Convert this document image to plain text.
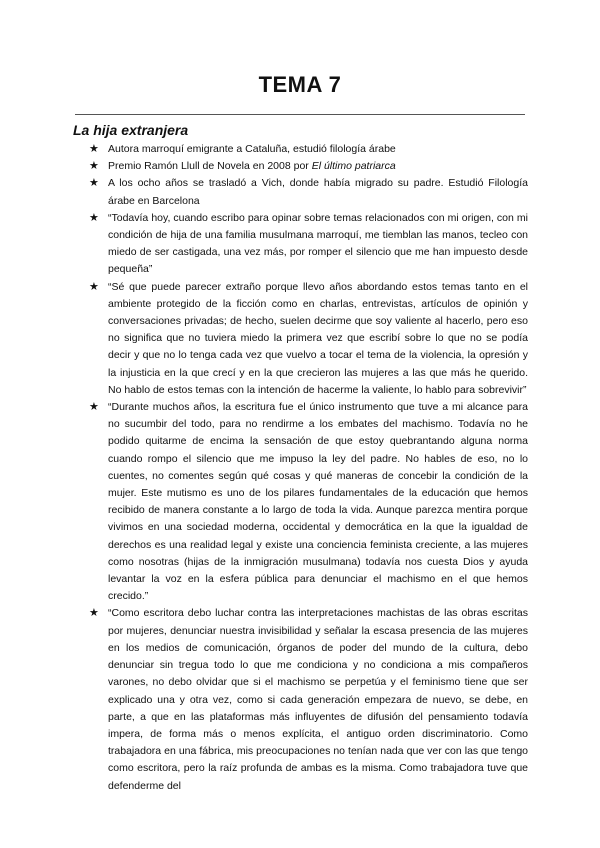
TEMA 7
La hija extranjera
★ Autora marroquí emigrante a Cataluña, estudió filología árabe
★ Premio Ramón Llull de Novela en 2008 por El último patriarca
★ A los ocho años se trasladó a Vich, donde había migrado su padre. Estudió Filología árabe en Barcelona
★ “Todavía hoy, cuando escribo para opinar sobre temas relacionados con mi origen, con mi condición de hija de una familia musulmana marroquí, me tiemblan las manos, tecleo con miedo de ser castigada, una vez más, por romper el silencio que me han impuesto desde pequeña”
★ “Sé que puede parecer extraño porque llevo años abordando estos temas tanto en el ambiente protegido de la ficción como en charlas, entrevistas, artículos de opinión y conversaciones privadas; de hecho, suelen decirme que soy valiente al hacerlo, pero eso no significa que no tuviera miedo la primera vez que escribí sobre lo que no se podía decir y que no lo tenga cada vez que vuelvo a tocar el tema de la violencia, la opresión y la injusticia en la que crecí y en la que crecieron las mujeres a las que más he querido. No hablo de estos temas con la intención de hacerme la valiente, lo hablo para sobrevivir”
★ “Durante muchos años, la escritura fue el único instrumento que tuve a mi alcance para no sucumbir del todo, para no rendirme a los embates del machismo. Todavía no he podido quitarme de encima la sensación de que estoy quebrantando alguna norma cuando rompo el silencio que me impuso la ley del padre. No hables de eso, no lo cuentes, no comentes según qué cosas y qué maneras de concebir la condición de la mujer. Este mutismo es uno de los pilares fundamentales de la educación que hemos recibido de manera constante a lo largo de toda la vida. Aunque parezca mentira porque vivimos en una sociedad moderna, occidental y democrática en la que la igualdad de derechos es una realidad legal y existe una conciencia feminista creciente, a las mujeres como nosotras (hijas de la inmigración musulmana) todavía nos cuesta Dios y ayuda levantar la voz en la esfera pública para denunciar el machismo en el que hemos crecido.”
★ “Como escritora debo luchar contra las interpretaciones machistas de las obras escritas por mujeres, denunciar nuestra invisibilidad y señalar la escasa presencia de las mujeres en los medios de comunicación, órganos de poder del mundo de la cultura, debo denunciar sin tregua todo lo que me condiciona y no condiciona a mis compañeros varones, no debo olvidar que si el machismo se perpetúa y el feminismo tiene que ser explicado una y otra vez, como si cada generación empezara de nuevo, se debe, en parte, a que en las plataformas más influyentes de difusión del pensamiento todavía impera, de forma más o menos explícita, el antiguo orden discriminatorio. Como trabajadora en una fábrica, mis preocupaciones no tenían nada que ver con las que tengo como escritora, pero la raíz profunda de ambas es la misma. Como trabajadora tuve que defenderme del
